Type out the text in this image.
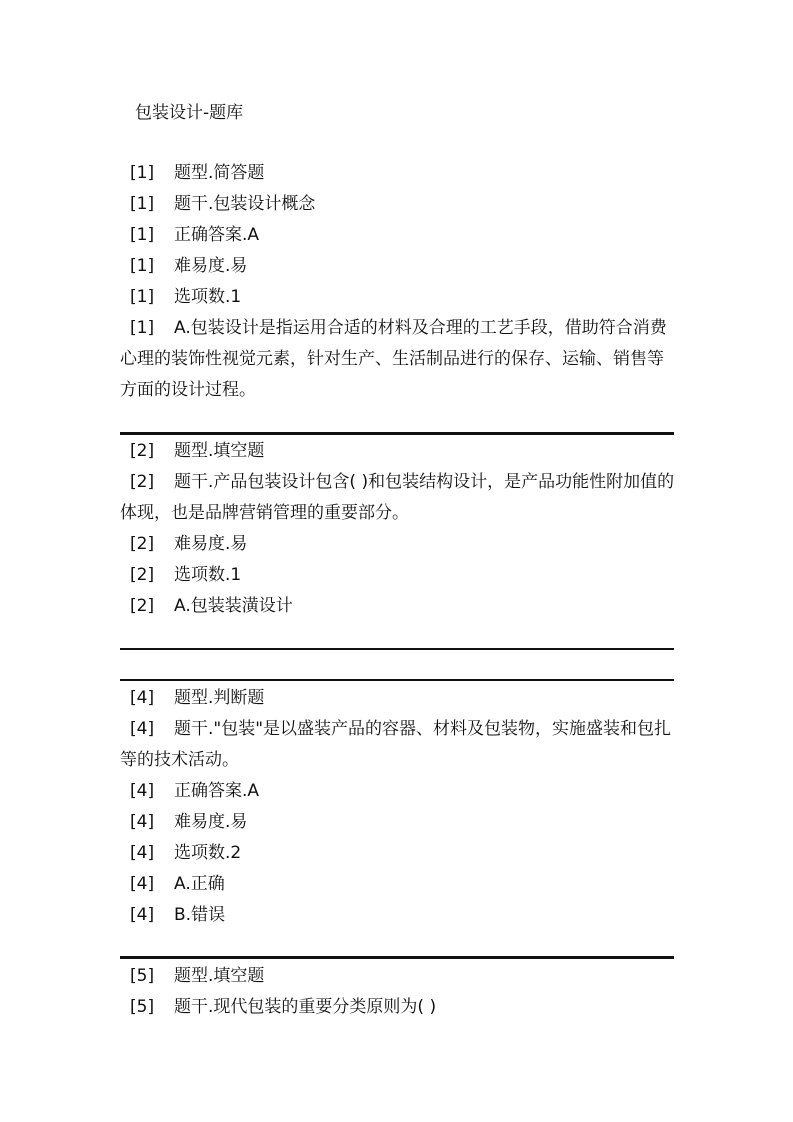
包装设计-题库
[1] 题型.简答题
[1] 题干.包装设计概念
[1] 正确答案.A
[1] 难易度.易
[1] 选项数.1
[1] A.包装设计是指运用合适的材料及合理的工艺手段，借助符合消费心理的装饰性视觉元素，针对生产、生活制品进行的保存、运输、销售等方面的设计过程。
[2] 题型.填空题
[2] 题干.产品包装设计包含( )和包装结构设计，是产品功能性附加值的体现，也是品牌营销管理的重要部分。
[2] 难易度.易
[2] 选项数.1
[2] A.包装装潢设计
[4] 题型.判断题
[4] 题干."包装"是以盛装产品的容器、材料及包装物，实施盛装和包扎等的技术活动。
[4] 正确答案.A
[4] 难易度.易
[4] 选项数.2
[4] A.正确
[4] B.错误
[5] 题型.填空题
[5] 题干.现代包装的重要分类原则为( )
